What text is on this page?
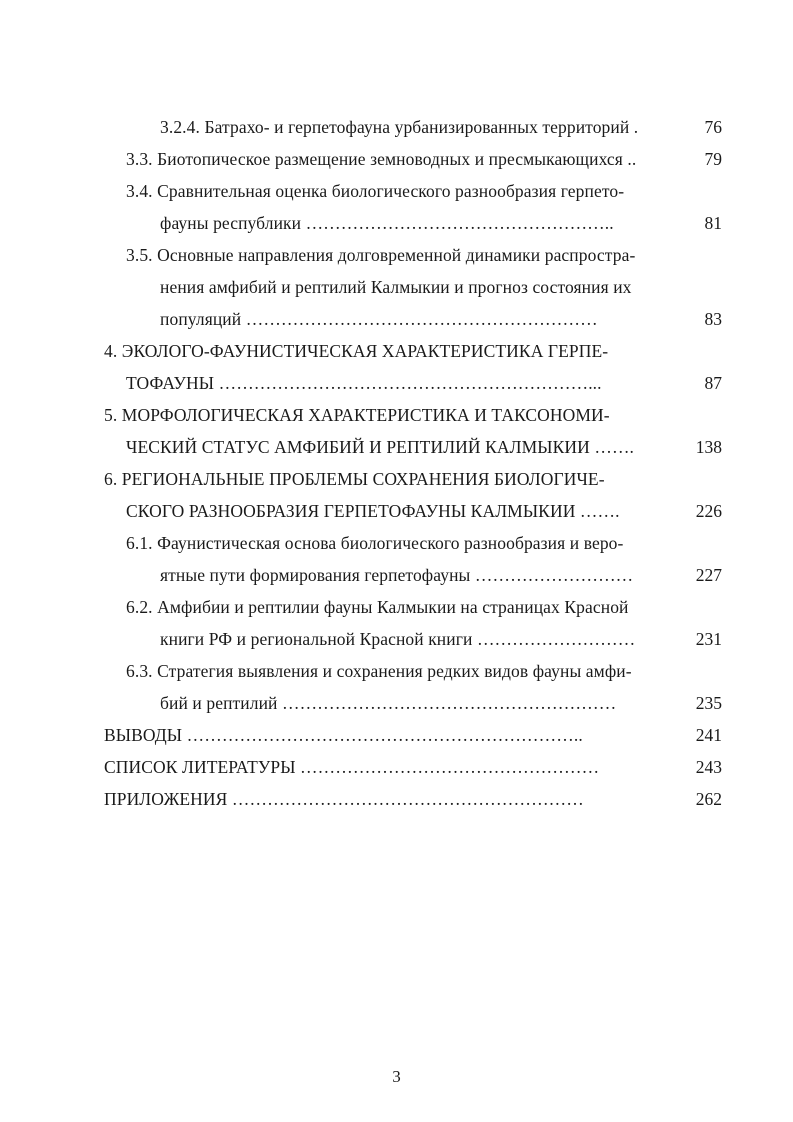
3.2.4. Батрахо- и герпетофауна урбанизированных территорий .	76
3.3. Биотопическое размещение земноводных и пресмыкающихся ..	79
3.4. Сравнительная оценка биологического разнообразия герпето-
фауны республики ……………………………………………..	81
3.5. Основные направления долговременной динамики распростра-
нения амфибий и рептилий Калмыкии и прогноз состояния их
популяций ……………………………………………………	83
4. ЭКОЛОГО-ФАУНИСТИЧЕСКАЯ ХАРАКТЕРИСТИКА ГЕРПЕ-
ТОФАУНЫ ………………………………………………………...	87
5. МОРФОЛОГИЧЕСКАЯ ХАРАКТЕРИСТИКА И ТАКСОНОМИ-
ЧЕСКИЙ СТАТУС АМФИБИЙ И РЕПТИЛИЙ КАЛМЫКИИ …….	138
6. РЕГИОНАЛЬНЫЕ ПРОБЛЕМЫ СОХРАНЕНИЯ БИОЛОГИЧЕ-
СКОГО РАЗНООБРАЗИЯ ГЕРПЕТОФАУНЫ КАЛМЫКИИ …….	226
6.1. Фаунистическая основа биологического разнообразия и веро-
ятные пути формирования герпетофауны ………………………	227
6.2. Амфибии и рептилии фауны Калмыкии на страницах Красной
книги РФ и региональной Красной книги ………………………	231
6.3. Стратегия выявления и сохранения редких видов фауны амфи-
бий и рептилий …………………………………………………	235
ВЫВОДЫ …………………………………………………………..	241
СПИСОК ЛИТЕРАТУРЫ ……………………………………………	243
ПРИЛОЖЕНИЯ ……………………………………………………	262
3
